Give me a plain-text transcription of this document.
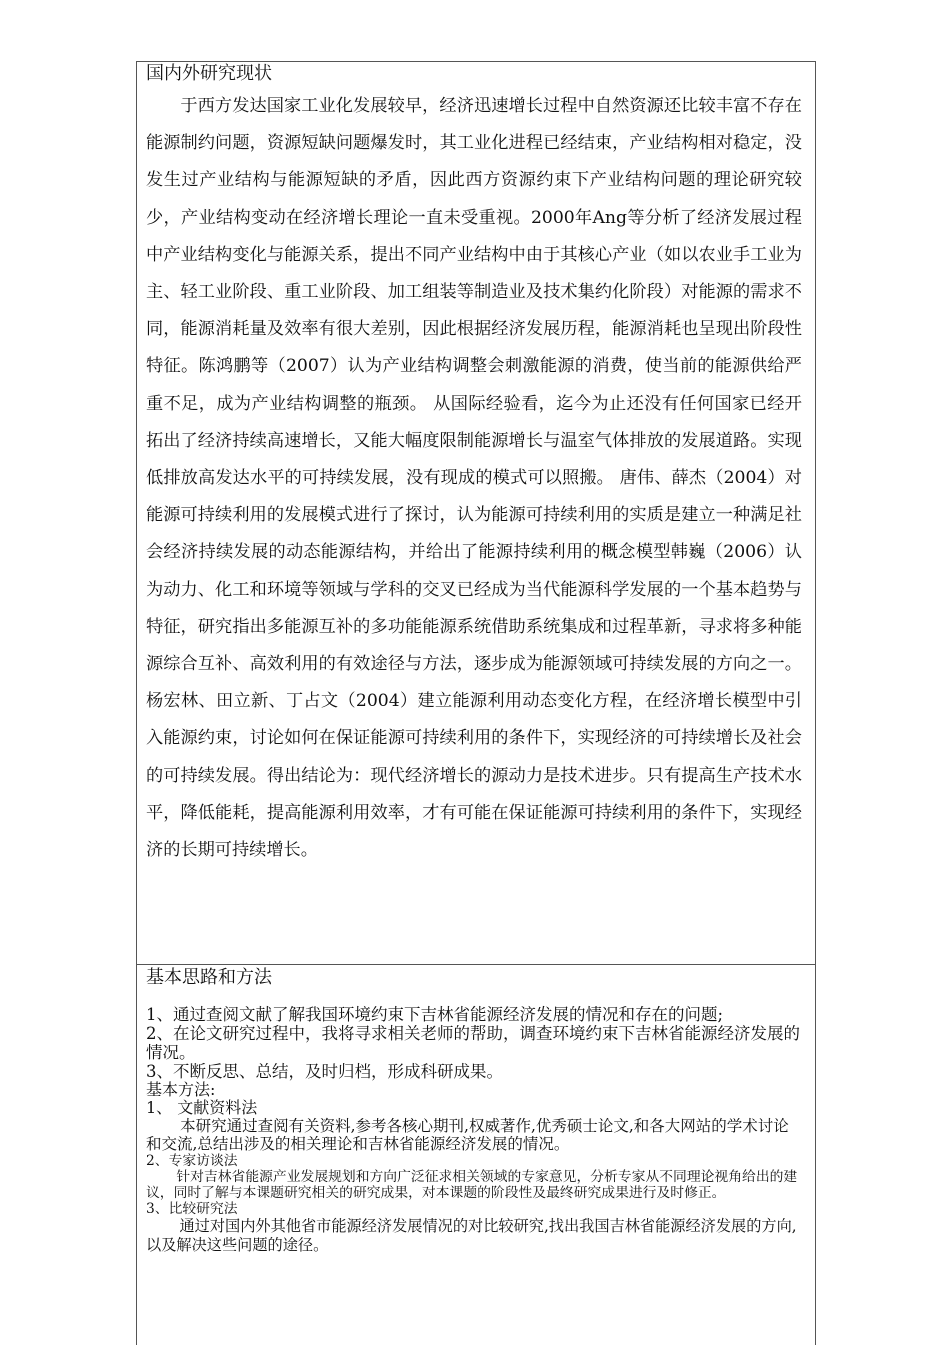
国内外研究现状

于西方发达国家工业化发展较早，经济迅速增长过程中自然资源还比较丰富不存在能源制约问题，资源短缺问题爆发时，其工业化进程已经结束，产业结构相对稳定，没发生过产业结构与能源短缺的矛盾，因此西方资源约束下产业结构问题的理论研究较少，产业结构变动在经济增长理论一直未受重视。2000年Ang等分析了经济发展过程中产业结构变化与能源关系，提出不同产业结构中由于其核心产业（如以农业手工业为主、轻工业阶段、重工业阶段、加工组装等制造业及技术集约化阶段）对能源的需求不同，能源消耗量及效率有很大差别，因此根据经济发展历程，能源消耗也呈现出阶段性特征。陈鸿鹏等（2007）认为产业结构调整会刺激能源的消费，使当前的能源供给严重不足，成为产业结构调整的瓶颈。 从国际经验看，迄今为止还没有任何国家已经开拓出了经济持续高速增长，又能大幅度限制能源增长与温室气体排放的发展道路。实现低排放高发达水平的可持续发展，没有现成的模式可以照搬。 唐伟、薛杰（2004）对能源可持续利用的发展模式进行了探讨，认为能源可持续利用的实质是建立一种满足社会经济持续发展的动态能源结构，并给出了能源持续利用的概念模型韩巍（2006）认为动力、化工和环境等领域与学科的交叉已经成为当代能源科学发展的一个基本趋势与特征，研究指出多能源互补的多功能能源系统借助系统集成和过程革新，寻求将多种能源综合互补、高效利用的有效途径与方法，逐步成为能源领域可持续发展的方向之一。杨宏林、田立新、丁占文（2004）建立能源利用动态变化方程，在经济增长模型中引入能源约束，讨论如何在保证能源可持续利用的条件下，实现经济的可持续增长及社会的可持续发展。得出结论为：现代经济增长的源动力是技术进步。只有提高生产技术水平，降低能耗，提高能源利用效率，才有可能在保证能源可持续利用的条件下，实现经济的长期可持续增长。

基本思路和方法

1、通过查阅文献了解我国环境约束下吉林省能源经济发展的情况和存在的问题;

2、在论文研究过程中，我将寻求相关老师的帮助，调查环境约束下吉林省能源经济发展的情况。

3、不断反思、总结，及时归档，形成科研成果。

基本方法:

1、 文献资料法

本研究通过查阅有关资料,参考各核心期刊,权威著作,优秀硕士论文,和各大网站的学术讨论和交流,总结出涉及的相关理论和吉林省能源经济发展的情况。

2、专家访谈法

针对吉林省能源产业发展规划和方向广泛征求相关领域的专家意见，分析专家从不同理论视角给出的建议，同时了解与本课题研究相关的研究成果，对本课题的阶段性及最终研究成果进行及时修正。

3、比较研究法

通过对国内外其他省市能源经济发展情况的对比较研究,找出我国吉林省能源经济发展的方向,以及解决这些问题的途径。
